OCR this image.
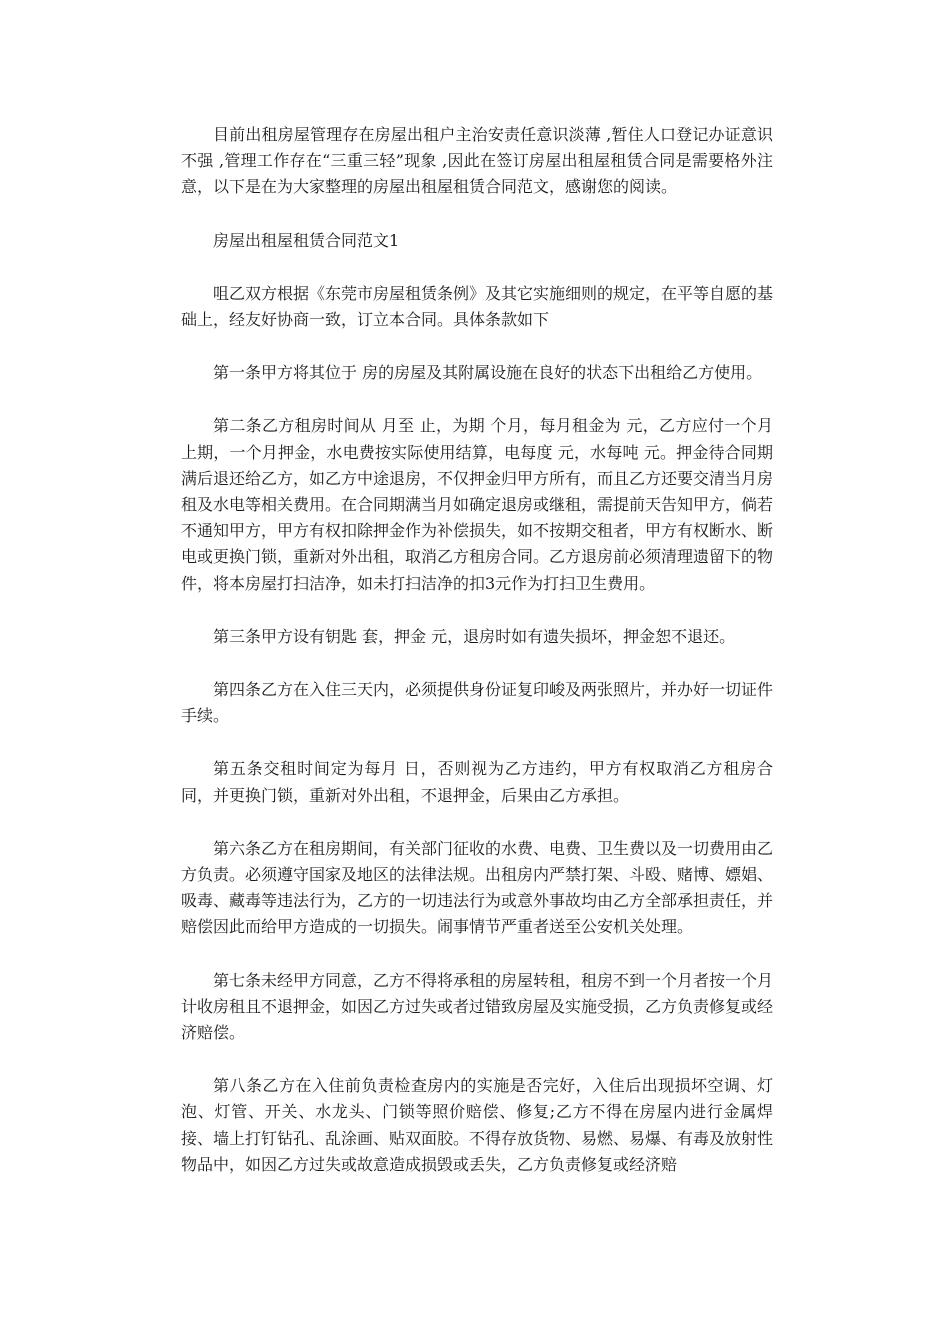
目前出租房屋管理存在房屋出租户主治安责任意识淡薄 ,暂住人口登记办证意识不强 ,管理工作存在“三重三轻”现象 ,因此在签订房屋出租屋租赁合同是需要格外注意，以下是在为大家整理的房屋出租屋租赁合同范文，感谢您的阅读。

房屋出租屋租赁合同范文1

咀乙双方根据《东莞市房屋租赁条例》及其它实施细则的规定，在平等自愿的基础上，经友好协商一致，订立本合同。具体条款如下

第一条甲方将其位于 房的房屋及其附属设施在良好的状态下出租给乙方使用。

第二条乙方租房时间从 月至 止，为期 个月，每月租金为 元，乙方应付一个月上期，一个月押金，水电费按实际使用结算，电每度 元，水每吨 元。押金待合同期满后退还给乙方，如乙方中途退房，不仅押金归甲方所有，而且乙方还要交清当月房租及水电等相关费用。在合同期满当月如确定退房或继租，需提前天告知甲方，倘若不通知甲方，甲方有权扣除押金作为补偿损失，如不按期交租者，甲方有权断水、断电或更换门锁，重新对外出租，取消乙方租房合同。乙方退房前必须清理遗留下的物件，将本房屋打扫洁净，如未打扫洁净的扣3元作为打扫卫生费用。

第三条甲方设有钥匙 套，押金 元，退房时如有遗失损坏，押金恕不退还。

第四条乙方在入住三天内，必须提供身份证复印峻及两张照片，并办好一切证件手续。

第五条交租时间定为每月 日，否则视为乙方违约，甲方有权取消乙方租房合同，并更换门锁，重新对外出租，不退押金，后果由乙方承担。

第六条乙方在租房期间，有关部门征收的水费、电费、卫生费以及一切费用由乙方负责。必须遵守国家及地区的法律法规。出租房内严禁打架、斗殴、赌博、嫖娼、吸毒、藏毒等违法行为，乙方的一切违法行为或意外事故均由乙方全部承担责任，并赔偿因此而给甲方造成的一切损失。闹事情节严重者送至公安机关处理。

第七条未经甲方同意，乙方不得将承租的房屋转租，租房不到一个月者按一个月计收房租且不退押金，如因乙方过失或者过错致房屋及实施受损，乙方负责修复或经济赔偿。

第八条乙方在入住前负责检查房内的实施是否完好，入住后出现损坏空调、灯泡、灯管、开关、水龙头、门锁等照价赔偿、修复;乙方不得在房屋内进行金属焊接、墙上打钉钻孔、乱涂画、贴双面胶。不得存放货物、易燃、易爆、有毒及放射性物品中，如因乙方过失或故意造成损毁或丢失，乙方负责修复或经济赔
